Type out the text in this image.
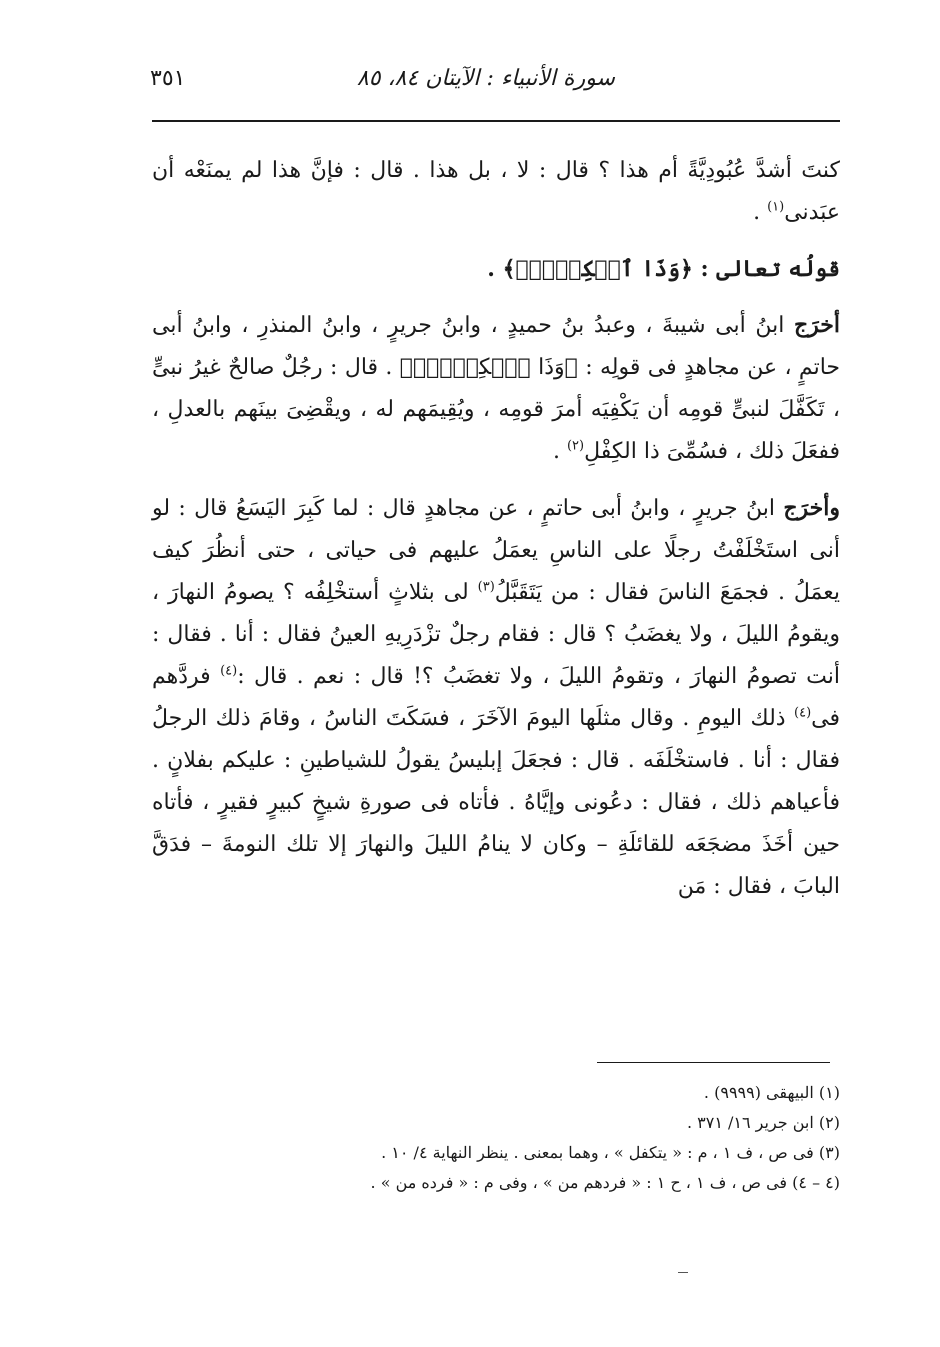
سورة الأنبياء : الآيتان ٨٤، ٨٥
٣٥١

كنتَ أشدَّ عُبُودِيَّةً أم هذا ؟ قال : لا ، بل هذا . قال : فإنَّ هذا لم يمنَعْه أن عبَدنى$^{(١)}$ .

قولُه تعالى : ﴿وَذَا ٱلۡكِفۡلِۖ﴾ .

أخرَج ابنُ أبى شيبةَ ، وعبدُ بنُ حميدٍ ، وابنُ جريرٍ ، وابنُ المنذرِ ، وابنُ أبى حاتمٍ ، عن مجاهدٍ فى قولِه : ﴿وَذَا ٱلۡكِفۡلِۖ﴾ . قال : رجُلٌ صالحٌ غيرُ نبىٍّ ، تَكَفَّلَ لنبىٍّ قومِه أن يَكْفِيَه أمرَ قومِه ، ويُقِيمَهم له ، ويقْضِىَ بينَهم بالعدلِ ، ففعَلَ ذلك ، فسُمِّىَ ذا الكِفْلِ$^{(٢)}$ .

وأخرَج ابنُ جريرٍ ، وابنُ أبى حاتمٍ ، عن مجاهدٍ قال : لما كَبِرَ اليَسَعُ قال : لو أنى استَخْلَفْتُ رجلًا على الناسِ يعمَلُ عليهم فى حياتى ، حتى أنظُرَ كيف يعمَلُ . فجمَعَ الناسَ فقال : من يَتَقَبَّلُ$^{(٣)}$ لى بثلاثٍ أستخْلِفُه ؟ يصومُ النهارَ ، ويقومُ الليلَ ، ولا يغضَبُ ؟ قال : فقام رجلٌ تزْدَرِيهِ العينُ فقال : أنا . فقال : أنت تصومُ النهارَ ، وتقومُ الليلَ ، ولا تغضَبُ ؟! قال : نعم . قال :$^{(٤)}$ فردَّهم فى$^{(٤)}$ ذلك اليومِ . وقال مثلَها اليومَ الآخَرَ ، فسَكَتَ الناسُ ، وقامَ ذلك الرجلُ فقال : أنا . فاستخْلَفَه . قال : فجعَلَ إبليسُ يقولُ للشياطينِ : عليكم بفلانٍ . فأعياهم ذلك ، فقال : دعُونى وإيَّاهُ . فأتاه فى صورةِ شيخٍ كبيرٍ فقيرٍ ، فأتاه حين أخَذَ مضجَعَه للقائلَةِ – وكان لا ينامُ الليلَ والنهارَ إلا تلك النومةَ – فدَقَّ البابَ ، فقال : مَن

(١) البيهقى (٩٩٩٩) .
(٢) ابن جرير ١٦/ ٣٧١ .
(٣) فى ص ، ف ١ ، م : « يتكفل » ، وهما بمعنى . ينظر النهاية ٤/ ١٠ .
(٤ – ٤) فى ص ، ف ١ ، ح ١ : « فردهم من » ، وفى م : « فرده من » .
